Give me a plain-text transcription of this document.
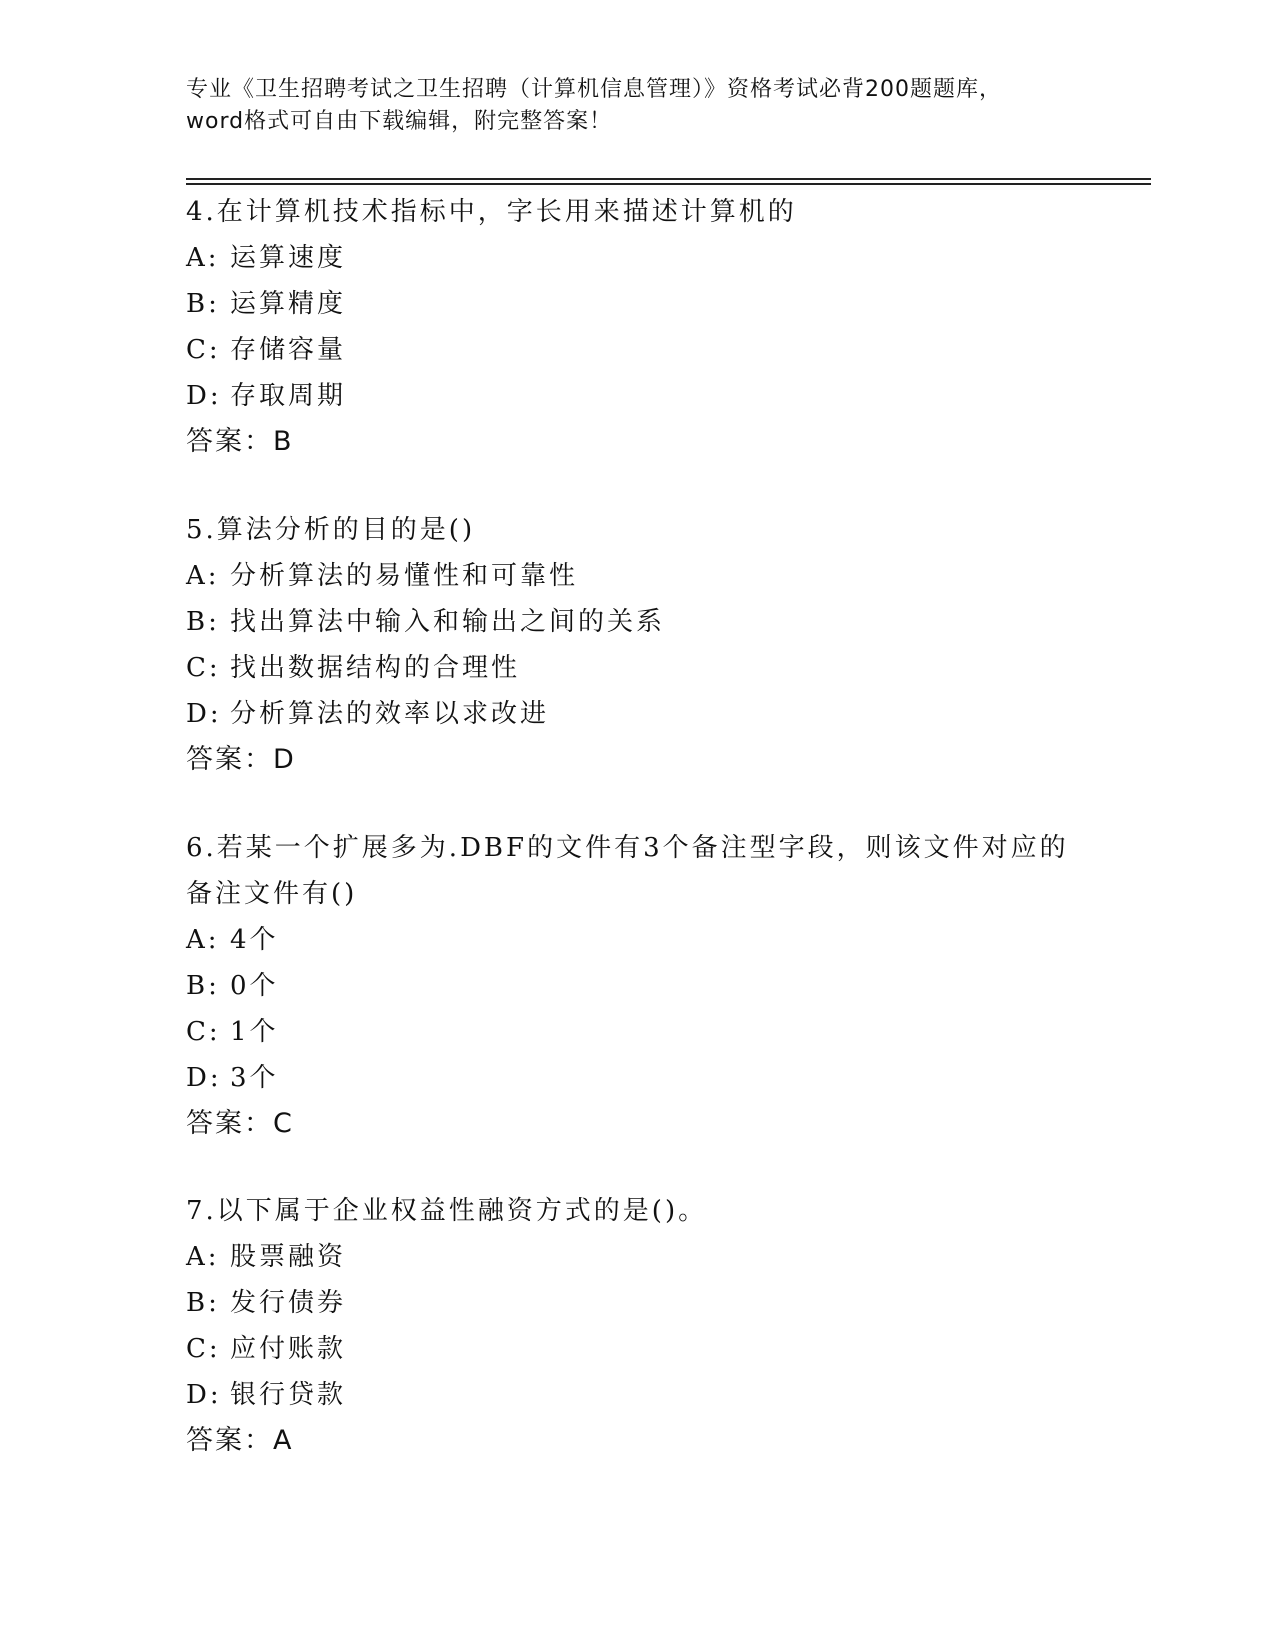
专业《卫生招聘考试之卫生招聘（计算机信息管理）》资格考试必背200题题库，
word格式可自由下载编辑，附完整答案！
4.在计算机技术指标中，字长用来描述计算机的
A: 运算速度
B: 运算精度
C: 存储容量
D: 存取周期
答案：B
5.算法分析的目的是()
A: 分析算法的易懂性和可靠性
B: 找出算法中输入和输出之间的关系
C: 找出数据结构的合理性
D: 分析算法的效率以求改进
答案：D
6.若某一个扩展多为.DBF的文件有3个备注型字段，则该文件对应的
备注文件有()
A: 4个
B: 0个
C: 1个
D: 3个
答案：C
7.以下属于企业权益性融资方式的是()。
A: 股票融资
B: 发行债券
C: 应付账款
D: 银行贷款
答案：A
